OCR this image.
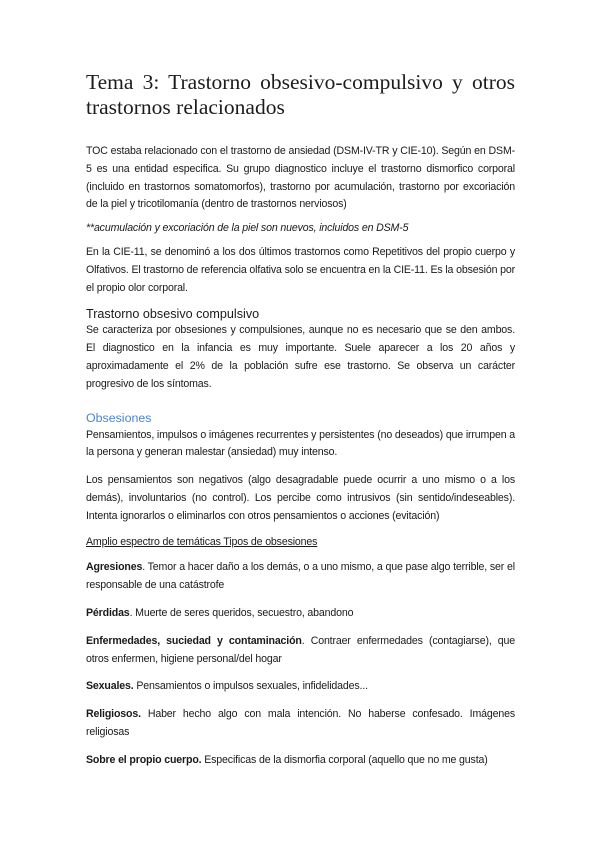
Tema 3: Trastorno obsesivo-compulsivo y otros trastornos relacionados

TOC estaba relacionado con el trastorno de ansiedad (DSM-IV-TR y CIE-10). Según en DSM-5 es una entidad especifica. Su grupo diagnostico incluye el trastorno dismorfico corporal (incluido en trastornos somatomorfos), trastorno por acumulación, trastorno por excoriación de la piel y tricotilomanía (dentro de trastornos nerviosos)

**acumulación y excoriación de la piel son nuevos, incluidos en DSM-5

En la CIE-11, se denominó a los dos últimos trastornos como Repetitivos del propio cuerpo y Olfativos. El trastorno de referencia olfativa solo se encuentra en la CIE-11. Es la obsesión por el propio olor corporal.

Trastorno obsesivo compulsivo

Se caracteriza por obsesiones y compulsiones, aunque no es necesario que se den ambos. El diagnostico en la infancia es muy importante. Suele aparecer a los 20 años y aproximadamente el 2% de la población sufre ese trastorno. Se observa un carácter progresivo de los síntomas.

Obsesiones

Pensamientos, impulsos o imágenes recurrentes y persistentes (no deseados) que irrumpen a la persona y generan malestar (ansiedad) muy intenso.

Los pensamientos son negativos (algo desagradable puede ocurrir a uno mismo o a los demás), involuntarios (no control). Los percibe como intrusivos (sin sentido/indeseables). Intenta ignorarlos o eliminarlos con otros pensamientos o acciones (evitación)

Amplio espectro de temáticas Tipos de obsesiones

Agresiones. Temor a hacer daño a los demás, o a uno mismo, a que pase algo terrible, ser el responsable de una catástrofe

Pérdidas. Muerte de seres queridos, secuestro, abandono

Enfermedades, suciedad y contaminación. Contraer enfermedades (contagiarse), que otros enfermen, higiene personal/del hogar

Sexuales. Pensamientos o impulsos sexuales, infidelidades...

Religiosos. Haber hecho algo con mala intención. No haberse confesado. Imágenes religiosas

Sobre el propio cuerpo. Especificas de la dismorfia corporal (aquello que no me gusta)
